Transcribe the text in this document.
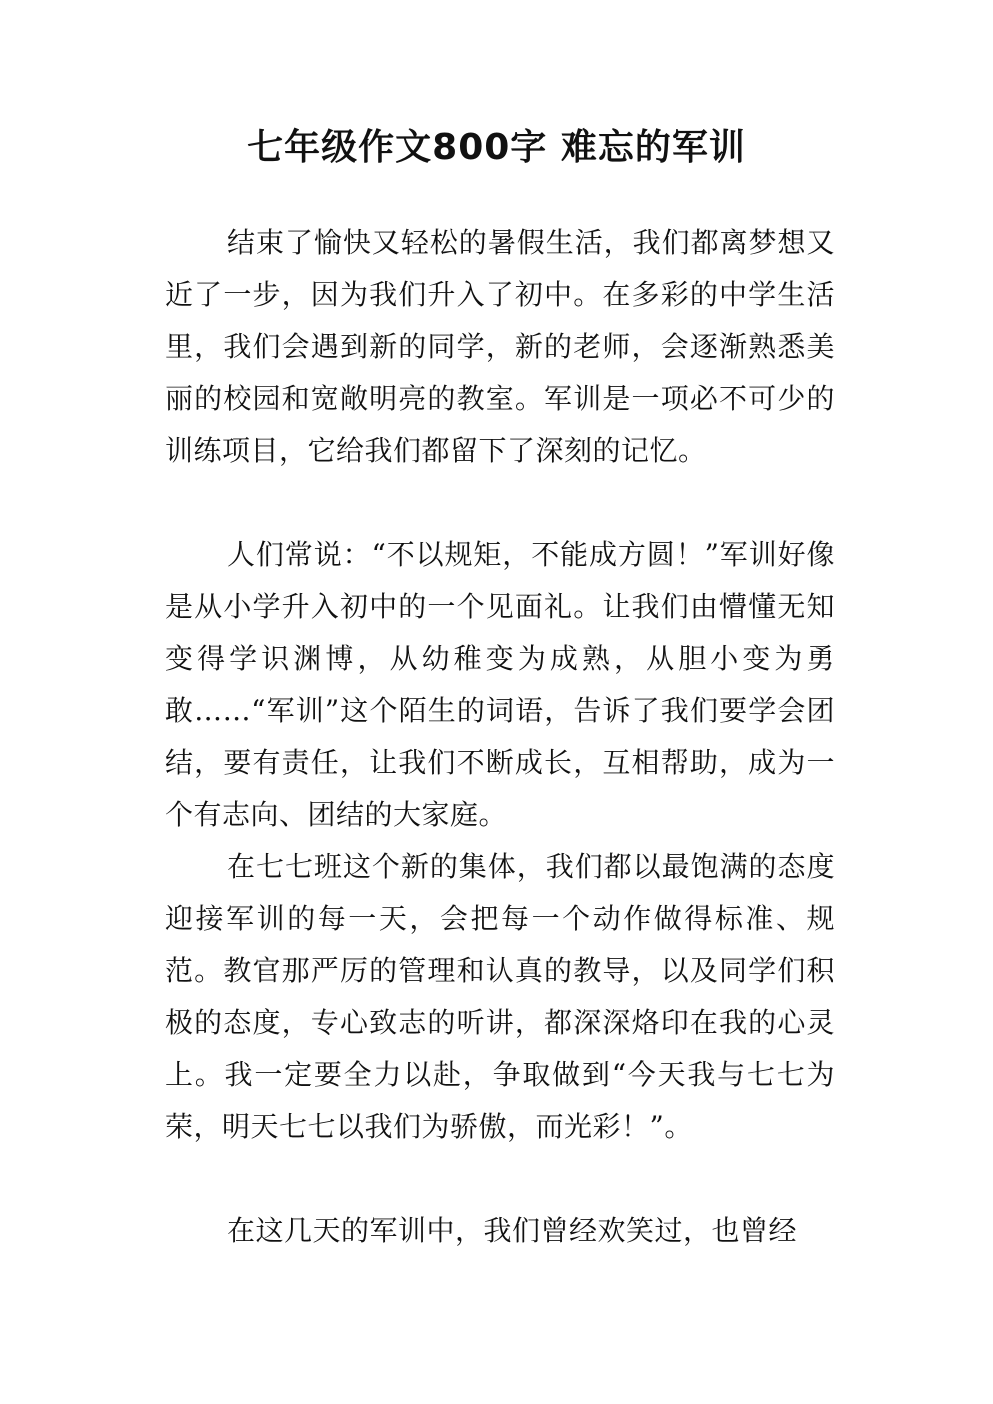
七年级作文800字 难忘的军训

结束了愉快又轻松的暑假生活，我们都离梦想又近了一步，因为我们升入了初中。在多彩的中学生活里，我们会遇到新的同学，新的老师，会逐渐熟悉美丽的校园和宽敞明亮的教室。军训是一项必不可少的训练项目，它给我们都留下了深刻的记忆。

人们常说：“不以规矩，不能成方圆！”军训好像是从小学升入初中的一个见面礼。让我们由懵懂无知变得学识渊博，从幼稚变为成熟，从胆小变为勇敢……“军训”这个陌生的词语，告诉了我们要学会团结，要有责任，让我们不断成长，互相帮助，成为一个有志向、团结的大家庭。

在七七班这个新的集体，我们都以最饱满的态度迎接军训的每一天，会把每一个动作做得标准、规范。教官那严厉的管理和认真的教导，以及同学们积极的态度，专心致志的听讲，都深深烙印在我的心灵上。我一定要全力以赴，争取做到“今天我与七七为荣，明天七七以我们为骄傲，而光彩！”。

在这几天的军训中，我们曾经欢笑过，也曾经
